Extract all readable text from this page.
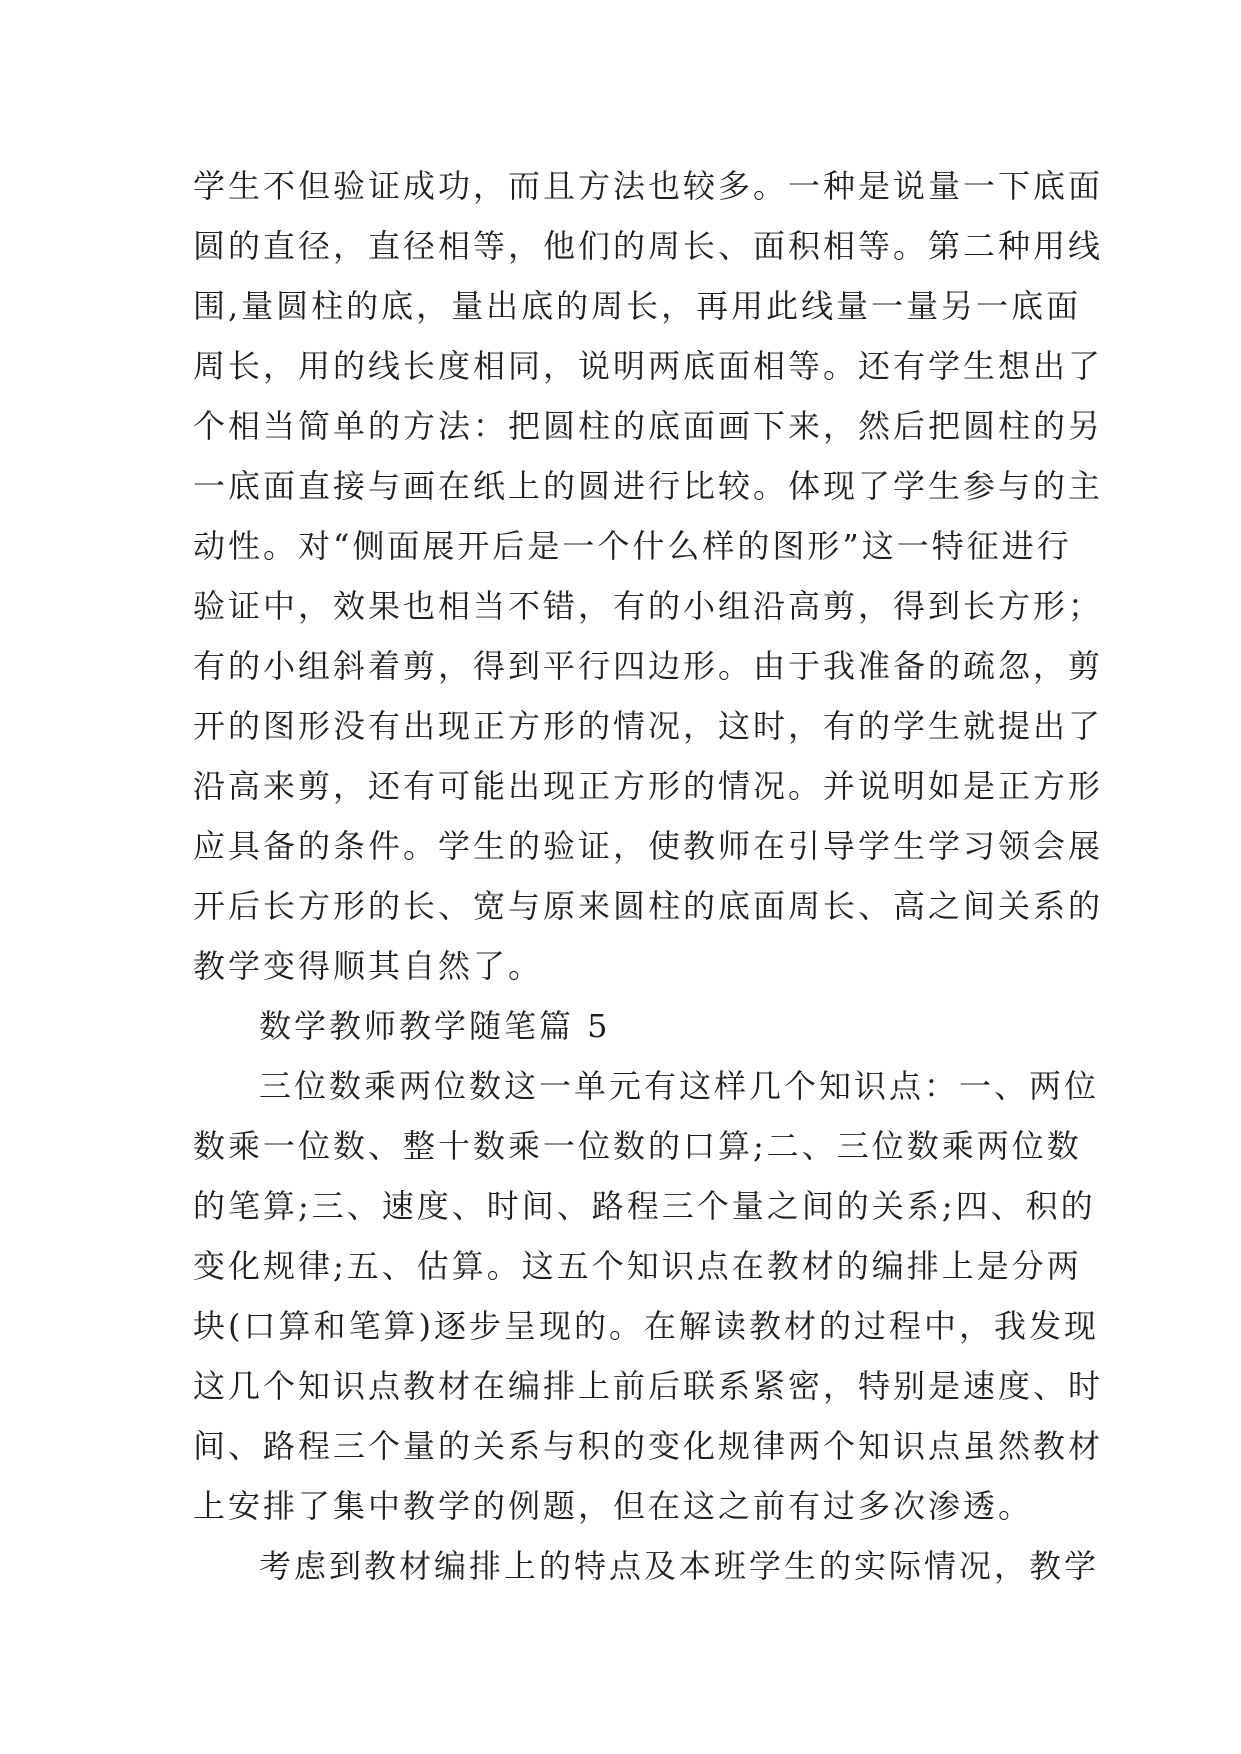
学生不但验证成功，而且方法也较多。一种是说量一下底面
圆的直径，直径相等，他们的周长、面积相等。第二种用线
围,量圆柱的底，量出底的周长，再用此线量一量另一底面
周长，用的线长度相同，说明两底面相等。还有学生想出了
个相当简单的方法：把圆柱的底面画下来，然后把圆柱的另
一底面直接与画在纸上的圆进行比较。体现了学生参与的主
动性。对“侧面展开后是一个什么样的图形”这一特征进行
验证中，效果也相当不错，有的小组沿高剪，得到长方形；
有的小组斜着剪，得到平行四边形。由于我准备的疏忽，剪
开的图形没有出现正方形的情况，这时，有的学生就提出了
沿高来剪，还有可能出现正方形的情况。并说明如是正方形
应具备的条件。学生的验证，使教师在引导学生学习领会展
开后长方形的长、宽与原来圆柱的底面周长、高之间关系的
教学变得顺其自然了。
数学教师教学随笔篇 5
三位数乘两位数这一单元有这样几个知识点：一、两位
数乘一位数、整十数乘一位数的口算;二、三位数乘两位数
的笔算;三、速度、时间、路程三个量之间的关系;四、积的
变化规律;五、估算。这五个知识点在教材的编排上是分两
块(口算和笔算)逐步呈现的。在解读教材的过程中，我发现
这几个知识点教材在编排上前后联系紧密，特别是速度、时
间、路程三个量的关系与积的变化规律两个知识点虽然教材
上安排了集中教学的例题，但在这之前有过多次渗透。
考虑到教材编排上的特点及本班学生的实际情况，教学
